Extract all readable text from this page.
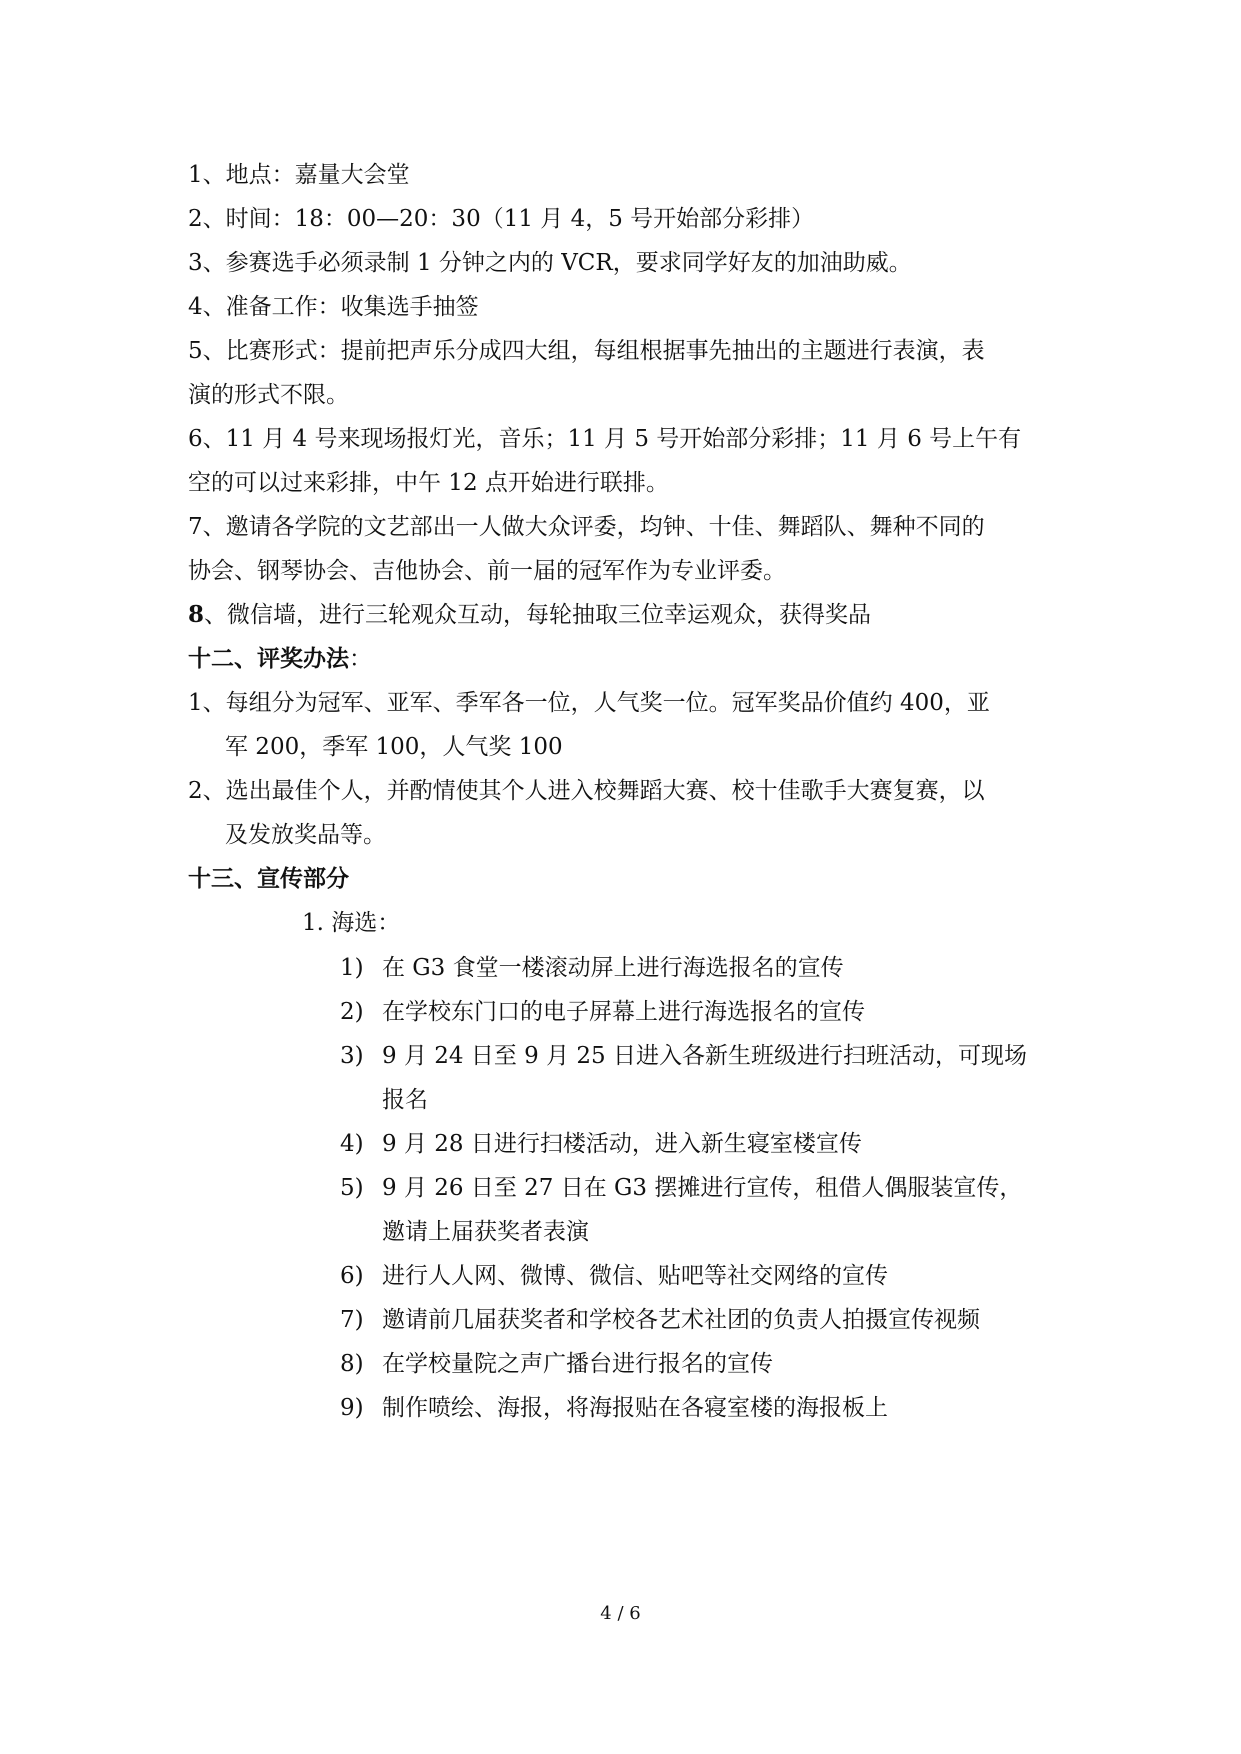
1、地点：嘉量大会堂
2、时间：18：00—20：30（11 月 4，5 号开始部分彩排）
3、参赛选手必须录制 1 分钟之内的 VCR，要求同学好友的加油助威。
4、准备工作：收集选手抽签
5、比赛形式：提前把声乐分成四大组，每组根据事先抽出的主题进行表演，表
演的形式不限。
6、11 月 4 号来现场报灯光，音乐；11 月 5 号开始部分彩排；11 月 6 号上午有
空的可以过来彩排，中午 12 点开始进行联排。
7、邀请各学院的文艺部出一人做大众评委，均钟、十佳、舞蹈队、舞种不同的
协会、钢琴协会、吉他协会、前一届的冠军作为专业评委。
8、微信墙，进行三轮观众互动，每轮抽取三位幸运观众，获得奖品
十二、评奖办法：
1、每组分为冠军、亚军、季军各一位，人气奖一位。冠军奖品价值约 400，亚
军 200，季军 100，人气奖 100
2、选出最佳个人，并酌情使其个人进入校舞蹈大赛、校十佳歌手大赛复赛，以
及发放奖品等。
十三、宣传部分
1. 海选：
1) 在 G3 食堂一楼滚动屏上进行海选报名的宣传
2) 在学校东门口的电子屏幕上进行海选报名的宣传
3) 9 月 24 日至 9 月 25 日进入各新生班级进行扫班活动，可现场
报名
4) 9 月 28 日进行扫楼活动，进入新生寝室楼宣传
5) 9 月 26 日至 27 日在 G3 摆摊进行宣传，租借人偶服装宣传，
邀请上届获奖者表演
6) 进行人人网、微博、微信、贴吧等社交网络的宣传
7) 邀请前几届获奖者和学校各艺术社团的负责人拍摄宣传视频
8) 在学校量院之声广播台进行报名的宣传
9) 制作喷绘、海报，将海报贴在各寝室楼的海报板上
4 / 6
